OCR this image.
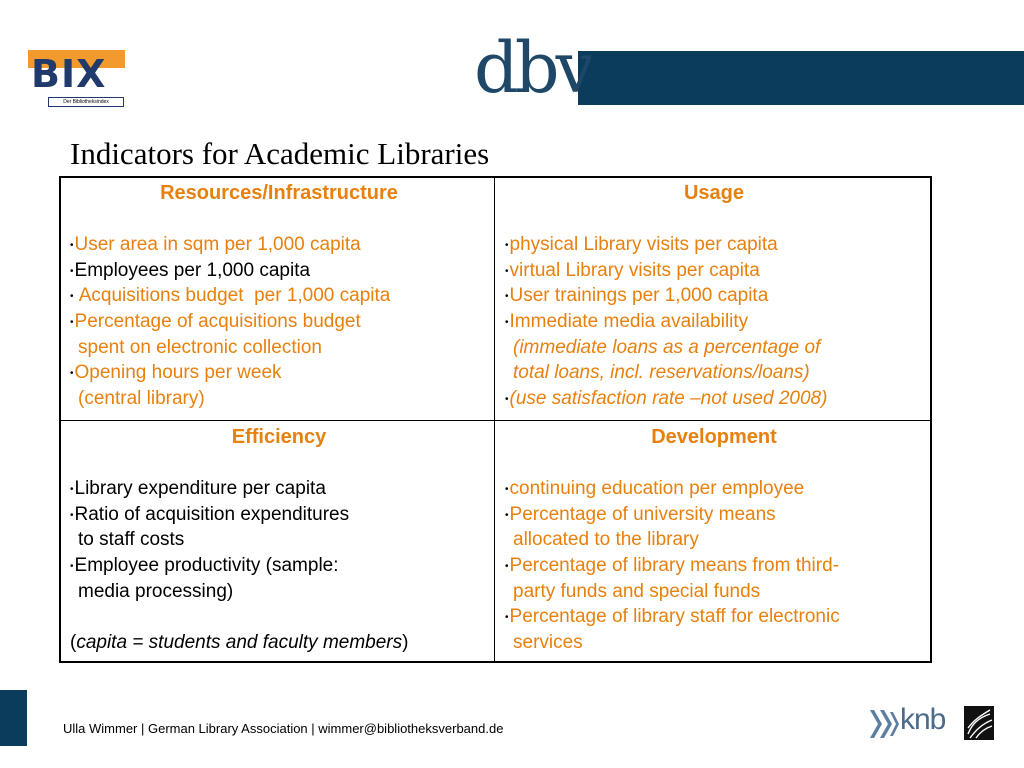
BIX
Der Bibliotheksindex	dbv
Indicators for Academic Libraries
Resources/Infrastructure
•User area in sqm per 1,000 capita
•Employees per 1,000 capita
• Acquisitions budget  per 1,000 capita
•Percentage of acquisitions budget
spent on electronic collection
•Opening hours per week
(central library)
Usage
•physical Library visits per capita
•virtual Library visits per capita
•User trainings per 1,000 capita
•Immediate media availability
(immediate loans as a percentage of
total loans, incl. reservations/loans)
•(use satisfaction rate –not used 2008)
Efficiency
•Library expenditure per capita
•Ratio of acquisition expenditures
to staff costs
•Employee productivity (sample:
media processing)
(capita = students and faculty members)
Development
•continuing education per employee
•Percentage of university means
allocated to the library
•Percentage of library means from third-
party funds and special funds
•Percentage of library staff for electronic
services
Ulla Wimmer | German Library Association | wimmer@bibliotheksverband.de	knb
